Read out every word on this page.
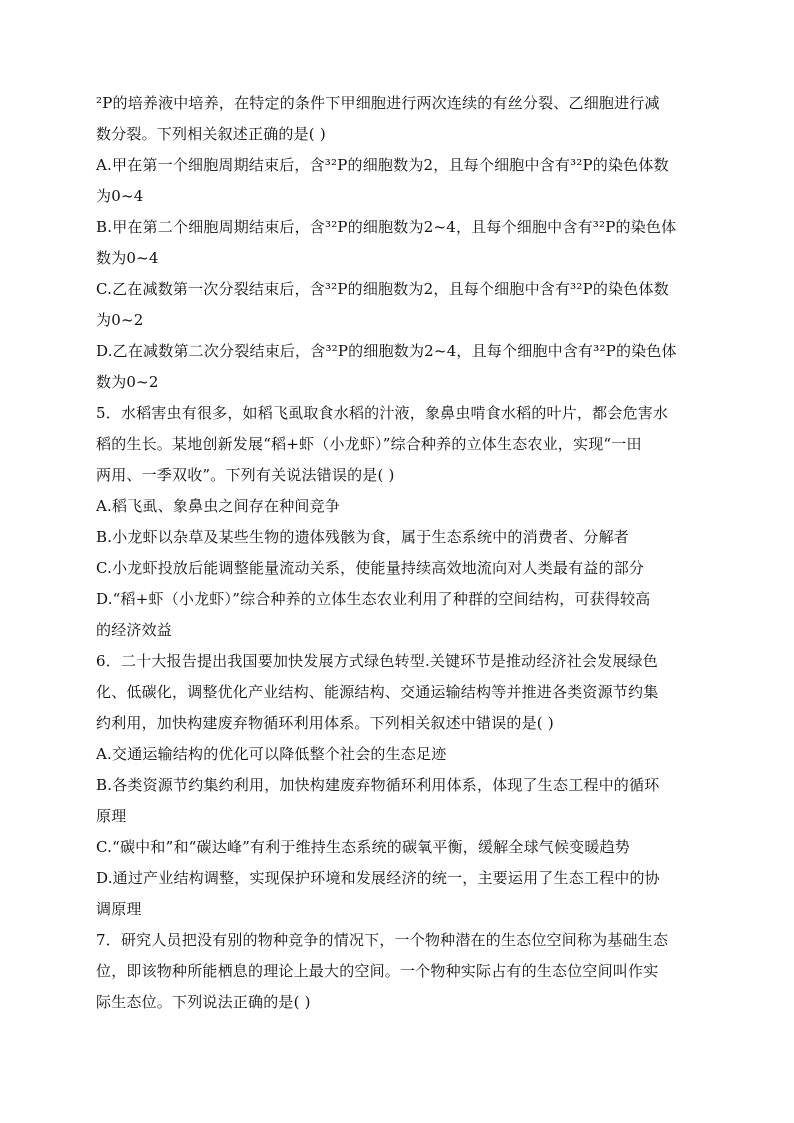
²P的培养液中培养，在特定的条件下甲细胞进行两次连续的有丝分裂、乙细胞进行减
数分裂。下列相关叙述正确的是( )
A.甲在第一个细胞周期结束后，含³²P的细胞数为2，且每个细胞中含有³²P的染色体数
为0~4
B.甲在第二个细胞周期结束后，含³²P的细胞数为2~4，且每个细胞中含有³²P的染色体
数为0~4
C.乙在减数第一次分裂结束后，含³²P的细胞数为2，且每个细胞中含有³²P的染色体数
为0~2
D.乙在减数第二次分裂结束后，含³²P的细胞数为2~4，且每个细胞中含有³²P的染色体
数为0~2
5．水稻害虫有很多，如稻飞虱取食水稻的汁液，象鼻虫啃食水稻的叶片，都会危害水
稻的生长。某地创新发展“稻+虾（小龙虾）”综合种养的立体生态农业，实现“一田
两用、一季双收”。下列有关说法错误的是( )
A.稻飞虱、象鼻虫之间存在种间竞争
B.小龙虾以杂草及某些生物的遗体残骸为食，属于生态系统中的消费者、分解者
C.小龙虾投放后能调整能量流动关系，使能量持续高效地流向对人类最有益的部分
D.“稻+虾（小龙虾）”综合种养的立体生态农业利用了种群的空间结构，可获得较高
的经济效益
6．二十大报告提出我国要加快发展方式绿色转型.关键环节是推动经济社会发展绿色
化、低碳化，调整优化产业结构、能源结构、交通运输结构等并推进各类资源节约集
约利用，加快构建废弃物循环利用体系。下列相关叙述中错误的是( )
A.交通运输结构的优化可以降低整个社会的生态足迹
B.各类资源节约集约利用，加快构建废弃物循环利用体系，体现了生态工程中的循环
原理
C.“碳中和”和“碳达峰”有利于维持生态系统的碳氧平衡，缓解全球气候变暖趋势
D.通过产业结构调整，实现保护环境和发展经济的统一，主要运用了生态工程中的协
调原理
7．研究人员把没有别的物种竞争的情况下，一个物种潜在的生态位空间称为基础生态
位，即该物种所能栖息的理论上最大的空间。一个物种实际占有的生态位空间叫作实
际生态位。下列说法正确的是( )
